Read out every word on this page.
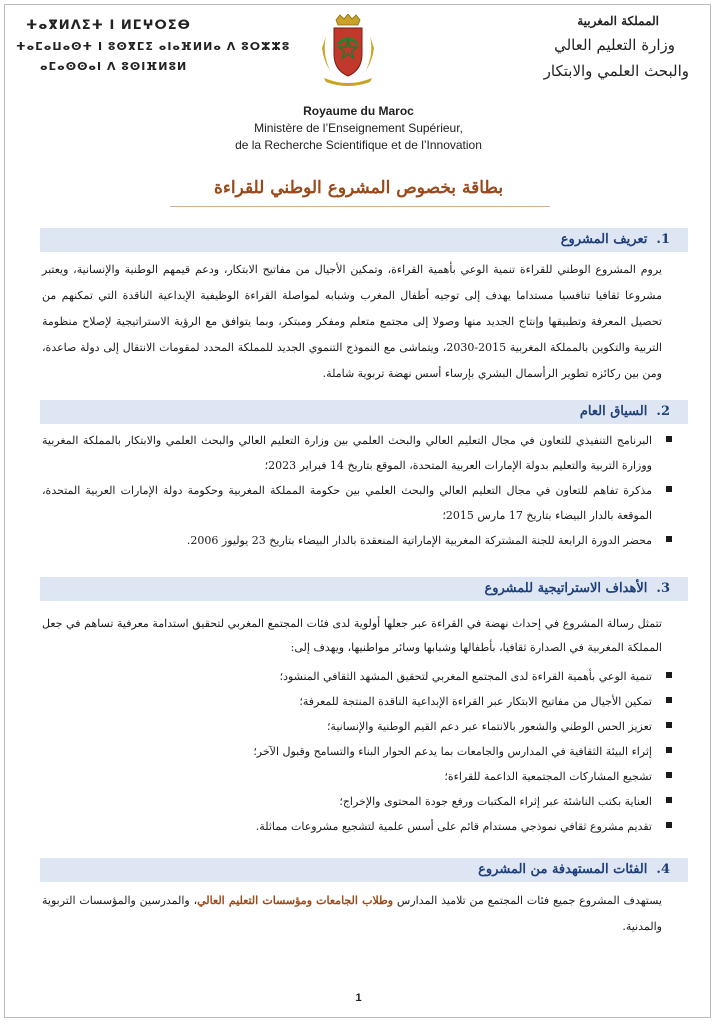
ⵜⴰⴳⵍⴷⵉⵜ ⵏ ⵍⵎⵖⵔⵉⴱ
ⵜⴰⵎⴰⵡⴰⵙⵜ ⵏ ⵓⵙⴳⵎⵉ ⴰⵏⴰⴼⵍⵍⴰ ⴷ ⵓⵔⵣⵣⵓ
ⴰⵎⴰⵙⵙⴰⵏ ⴷ ⵓⵙⵏⴼⵍⵓⵍ
المملكة المغربية
وزارة التعليم العالي
والبحث العلمي والابتكار
Royaume du Maroc
Ministère de l’Enseignement Supérieur,
de la Recherche Scientifique et de l’Innovation
بطاقة بخصوص المشروع الوطني للقراءة
1.  تعريف المشروع
يروم المشروع الوطني للقراءة تنمية الوعي بأهمية القراءة، وتمكين الأجيال من مفاتيح الابتكار، ودعم قيمهم الوطنية والإنسانية، ويعتبر مشروعا ثقافيا تنافسيا مستداما يهدف إلى توجيه أطفال المغرب وشبابه لمواصلة القراءة الوظيفية الإبداعية الناقدة التي تمكنهم من تحصيل المعرفة وتطبيقها وإنتاج الجديد منها وصولا إلى مجتمع متعلم ومفكر ومبتكر، وبما يتوافق مع الرؤية الاستراتيجية لإصلاح منظومة التربية والتكوين بالمملكة المغربية 2015-2030، ويتماشى مع النموذج التنموي الجديد للمملكة المحدد لمقومات الانتقال إلى دولة صاعدة، ومن بين ركائزه تطوير الرأسمال البشري بإرساء أسس نهضة تربوية شاملة.
2.  السياق العام
البرنامج التنفيذي للتعاون في مجال التعليم العالي والبحث العلمي بين وزارة التعليم العالي والبحث العلمي والابتكار بالمملكة المغربية ووزارة التربية والتعليم بدولة الإمارات العربية المتحدة، الموقع بتاريخ 14 فبراير 2023؛
مذكرة تفاهم للتعاون في مجال التعليم العالي والبحث العلمي بين حكومة المملكة المغربية وحكومة دولة الإمارات العربية المتحدة، الموقعة بالدار البيضاء بتاريخ 17 مارس 2015؛
محضر الدورة الرابعة للجنة المشتركة المغربية الإماراتية المنعقدة بالدار البيضاء بتاريخ 23 يوليوز 2006.
3.  الأهداف الاستراتيجية للمشروع
تتمثل رسالة المشروع في إحداث نهضة في القراءة عبر جعلها أولوية لدى فئات المجتمع المغربي لتحقيق استدامة معرفية تساهم في جعل المملكة المغربية في الصدارة ثقافيا، بأطفالها وشبابها وسائر مواطنيها، ويهدف إلى:
تنمية الوعي بأهمية القراءة لدى المجتمع المغربي لتحقيق المشهد الثقافي المنشود؛
تمكين الأجيال من مفاتيح الابتكار عبر القراءة الإبداعية الناقدة المنتجة للمعرفة؛
تعزيز الحس الوطني والشعور بالانتماء عبر دعم القيم الوطنية والإنسانية؛
إثراء البيئة الثقافية في المدارس والجامعات بما يدعم الحوار البناء والتسامح وقبول الآخر؛
تشجيع المشاركات المجتمعية الداعمة للقراءة؛
العناية بكتب الناشئة عبر إثراء المكتبات ورفع جودة المحتوى والإخراج؛
تقديم مشروع ثقافي نموذجي مستدام قائم على أسس علمية لتشجيع مشروعات مماثلة.
4.  الفئات المستهدفة من المشروع
يستهدف المشروع جميع فئات المجتمع من تلاميذ المدارس وطلاب الجامعات ومؤسسات التعليم العالي، والمدرسين والمؤسسات التربوية والمدنية.
1
